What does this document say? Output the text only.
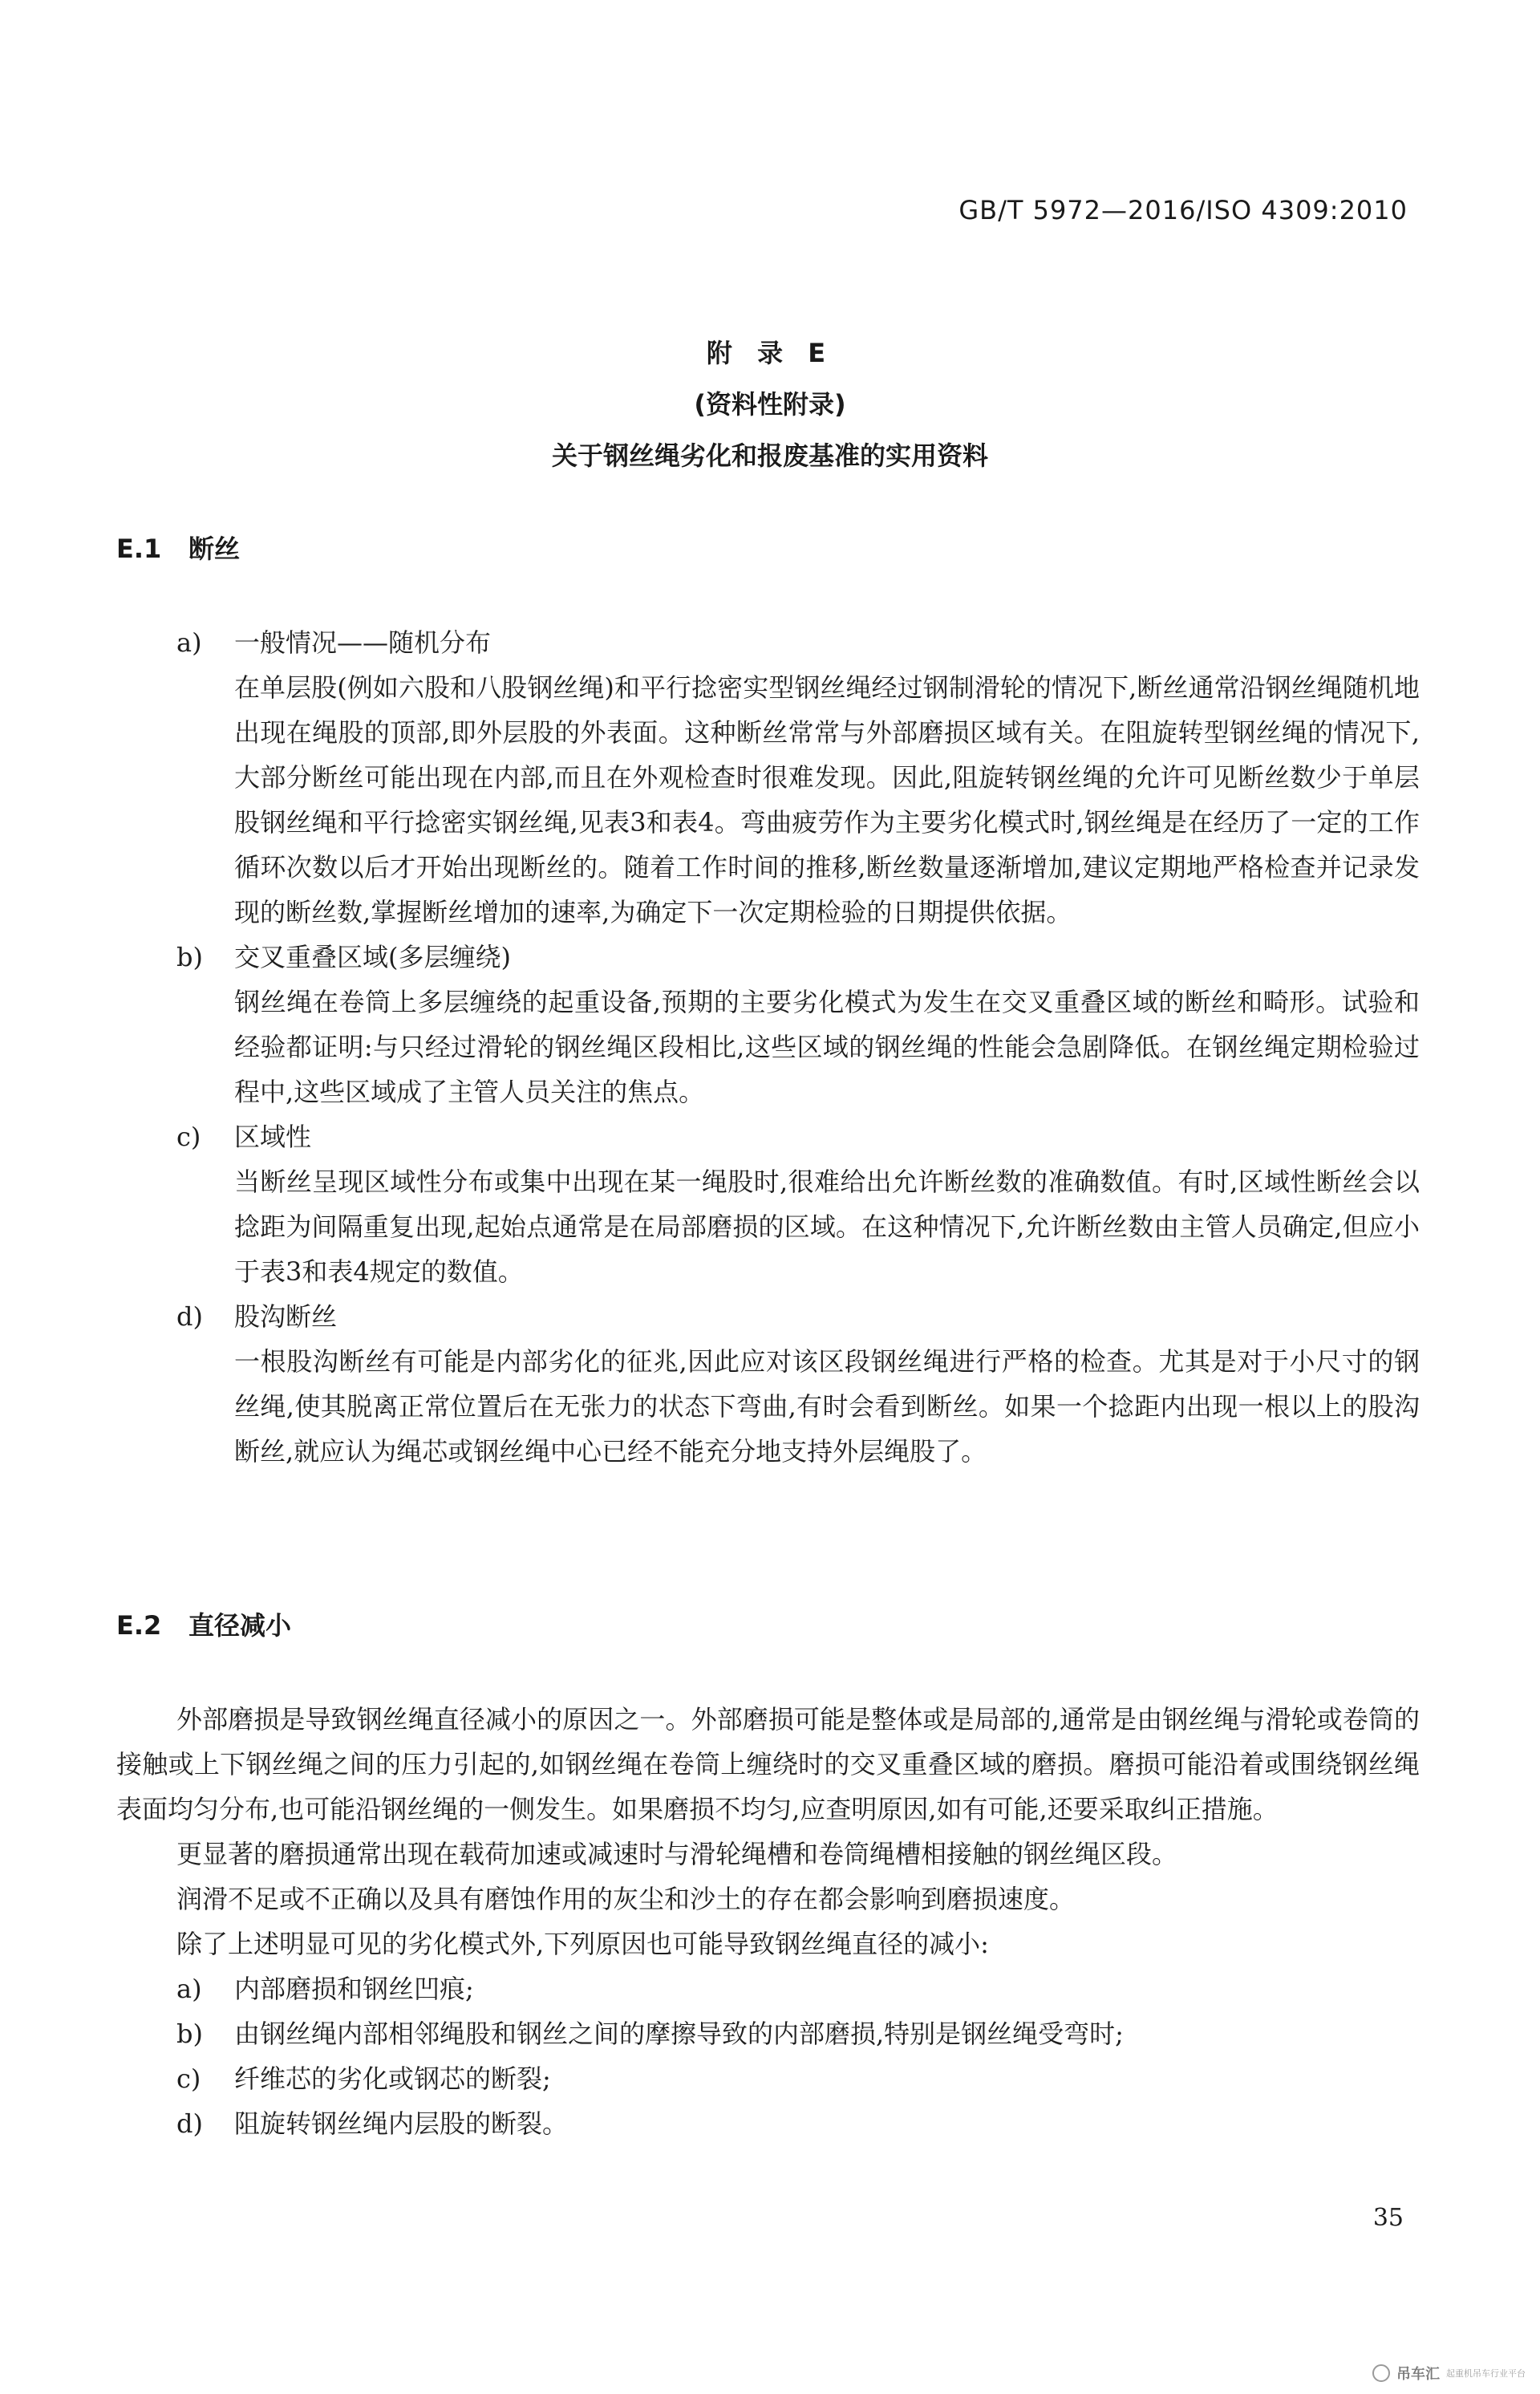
GB/T 5972—2016/ISO 4309:2010
附 录 E
(资料性附录)
关于钢丝绳劣化和报废基准的实用资料
E.1 断丝
a)	一般情况——随机分布
在单层股(例如六股和八股钢丝绳)和平行捻密实型钢丝绳经过钢制滑轮的情况下,断丝通常沿钢丝绳随机地出现在绳股的顶部,即外层股的外表面。这种断丝常常与外部磨损区域有关。在阻旋转型钢丝绳的情况下,大部分断丝可能出现在内部,而且在外观检查时很难发现。因此,阻旋转钢丝绳的允许可见断丝数少于单层股钢丝绳和平行捻密实钢丝绳,见表3和表4。弯曲疲劳作为主要劣化模式时,钢丝绳是在经历了一定的工作循环次数以后才开始出现断丝的。随着工作时间的推移,断丝数量逐渐增加,建议定期地严格检查并记录发现的断丝数,掌握断丝增加的速率,为确定下一次定期检验的日期提供依据。
b)	交叉重叠区域(多层缠绕)
钢丝绳在卷筒上多层缠绕的起重设备,预期的主要劣化模式为发生在交叉重叠区域的断丝和畸形。试验和经验都证明:与只经过滑轮的钢丝绳区段相比,这些区域的钢丝绳的性能会急剧降低。在钢丝绳定期检验过程中,这些区域成了主管人员关注的焦点。
c)	区域性
当断丝呈现区域性分布或集中出现在某一绳股时,很难给出允许断丝数的准确数值。有时,区域性断丝会以捻距为间隔重复出现,起始点通常是在局部磨损的区域。在这种情况下,允许断丝数由主管人员确定,但应小于表3和表4规定的数值。
d)	股沟断丝
一根股沟断丝有可能是内部劣化的征兆,因此应对该区段钢丝绳进行严格的检查。尤其是对于小尺寸的钢丝绳,使其脱离正常位置后在无张力的状态下弯曲,有时会看到断丝。如果一个捻距内出现一根以上的股沟断丝,就应认为绳芯或钢丝绳中心已经不能充分地支持外层绳股了。
E.2 直径减小

外部磨损是导致钢丝绳直径减小的原因之一。外部磨损可能是整体或是局部的,通常是由钢丝绳与滑轮或卷筒的接触或上下钢丝绳之间的压力引起的,如钢丝绳在卷筒上缠绕时的交叉重叠区域的磨损。磨损可能沿着或围绕钢丝绳表面均匀分布,也可能沿钢丝绳的一侧发生。如果磨损不均匀,应查明原因,如有可能,还要采取纠正措施。

更显著的磨损通常出现在载荷加速或减速时与滑轮绳槽和卷筒绳槽相接触的钢丝绳区段。

润滑不足或不正确以及具有磨蚀作用的灰尘和沙土的存在都会影响到磨损速度。

除了上述明显可见的劣化模式外,下列原因也可能导致钢丝绳直径的减小:

a) 内部磨损和钢丝凹痕;
b) 由钢丝绳内部相邻绳股和钢丝之间的摩擦导致的内部磨损,特别是钢丝绳受弯时;
c) 纤维芯的劣化或钢芯的断裂;
d) 阻旋转钢丝绳内层股的断裂。
35
吊车汇 起重机吊车行业平台
